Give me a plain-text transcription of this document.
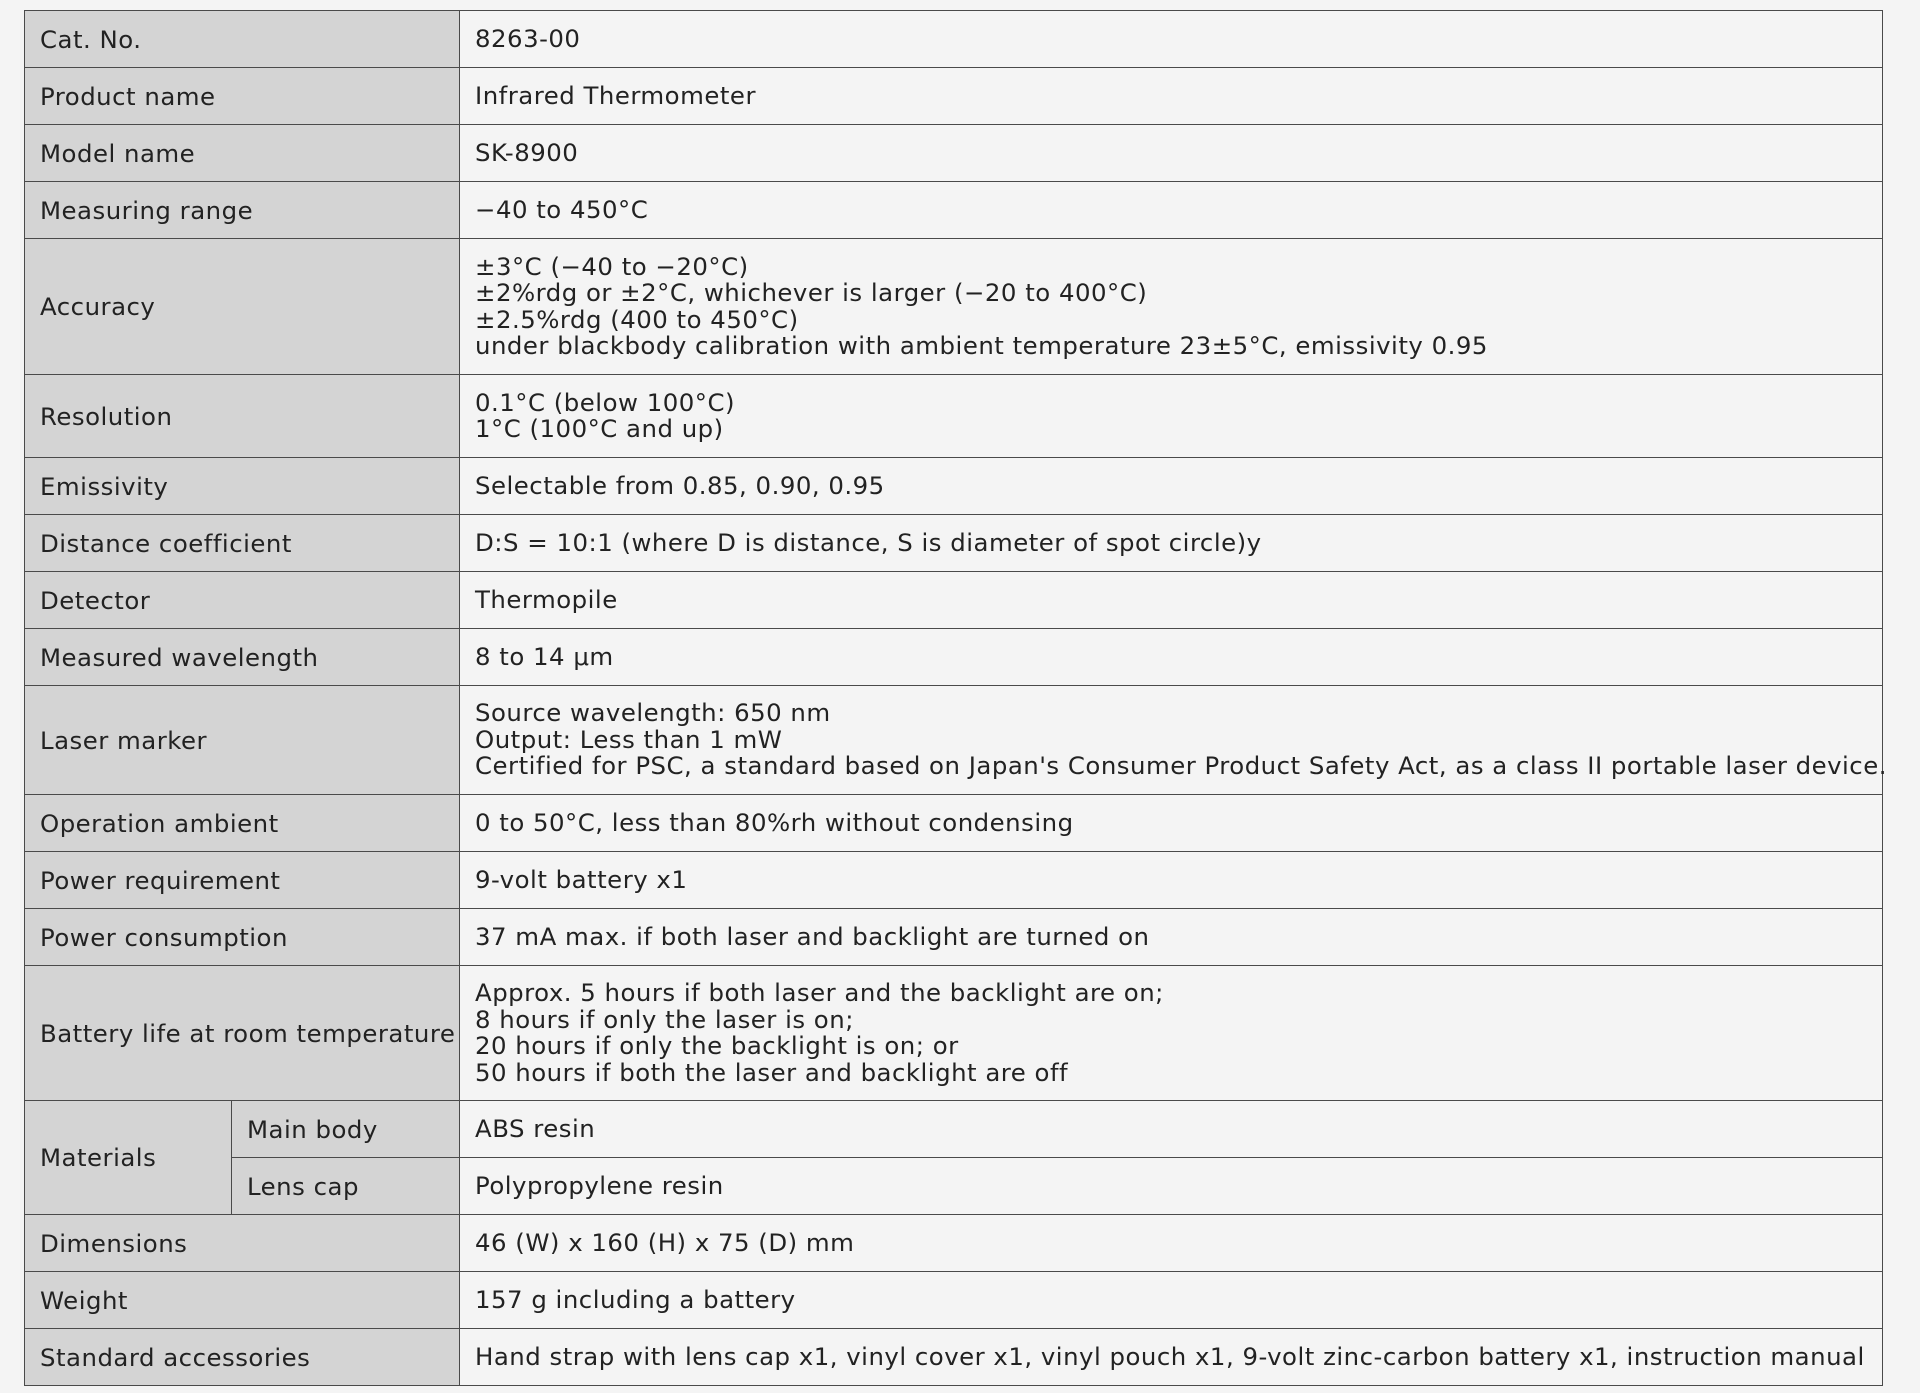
Cat. No.		8263-00

Product name		Infrared Thermometer

Model name		SK-8900

Measuring range		−40 to 450°C

Accuracy		±3°C (−40 to −20°C)
±2%rdg or ±2°C, whichever is larger (−20 to 400°C)
±2.5%rdg (400 to 450°C)
under blackbody calibration with ambient temperature 23±5°C, emissivity 0.95

Resolution		0.1°C (below 100°C)
1°C (100°C and up)

Emissivity		Selectable from 0.85, 0.90, 0.95

Distance coefficient		D:S = 10:1 (where D is distance, S is diameter of spot circle)y

Detector		Thermopile

Measured wavelength		8 to 14 μm

Laser marker		Source wavelength: 650 nm
Output: Less than 1 mW
Certified for PSC, a standard based on Japan's Consumer Product Safety Act, as a class II portable laser device.

Operation ambient		0 to 50°C, less than 80%rh without condensing

Power requirement		9-volt battery x1

Power consumption		37 mA max. if both laser and backlight are turned on

Battery life at room temperature		Approx. 5 hours if both laser and the backlight are on;
8 hours if only the laser is on;
20 hours if only the backlight is on; or
50 hours if both the laser and backlight are off

Materials	Main body	ABS resin

	Lens cap	Polypropylene resin

Dimensions		46 (W) x 160 (H) x 75 (D) mm

Weight		157 g including a battery

Standard accessories		Hand strap with lens cap x1, vinyl cover x1, vinyl pouch x1, 9-volt zinc-carbon battery x1, instruction manual
